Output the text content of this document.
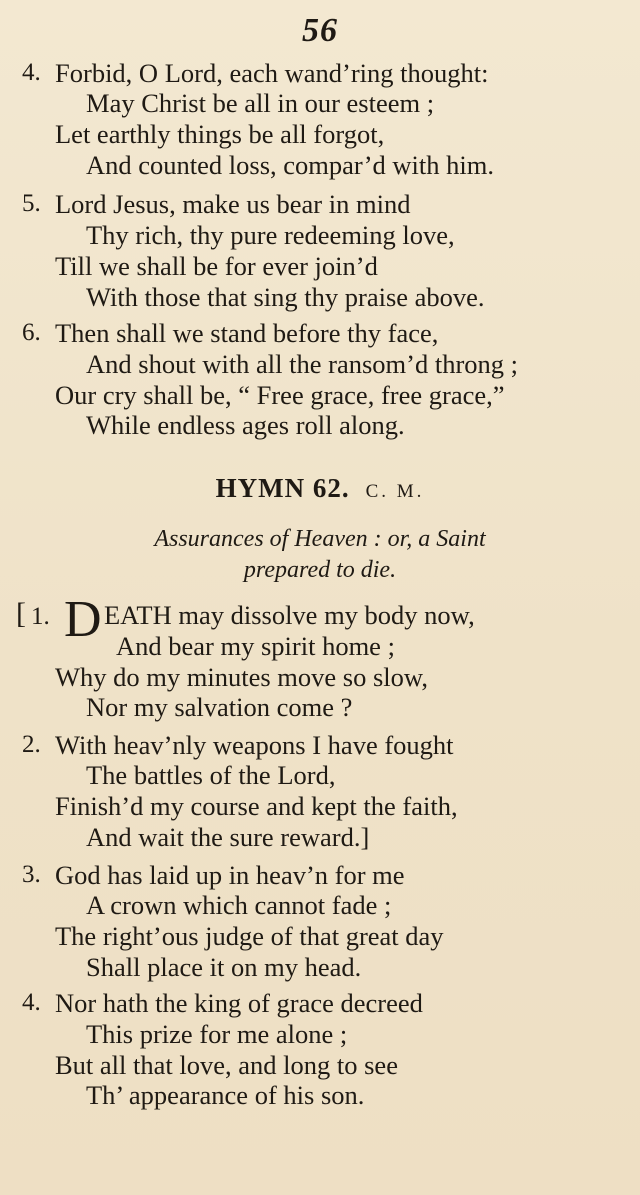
56
4. Forbid, O Lord, each wand’ring thought:
May Christ be all in our esteem ;
Let earthly things be all forgot,
And counted loss, compar’d with him.
5. Lord Jesus, make us bear in mind
Thy rich, thy pure redeeming love,
Till we shall be for ever join’d
With those that sing thy praise above.
6. Then shall we stand before thy face,
And shout with all the ransom’d throng ;
Our cry shall be, “ Free grace, free grace,”
While endless ages roll along.
HYMN 62. C. M.
Assurances of Heaven : or, a Saint
prepared to die.
[ 1. D EATH may dissolve my body now,
And bear my spirit home ;
Why do my minutes move so slow,
Nor my salvation come ?
2. With heav’nly weapons I have fought
The battles of the Lord,
Finish’d my course and kept the faith,
And wait the sure reward.]
3. God has laid up in heav’n for me
A crown which cannot fade ;
The right’ous judge of that great day
Shall place it on my head.
4. Nor hath the king of grace decreed
This prize for me alone ;
But all that love, and long to see
Th’ appearance of his son.
